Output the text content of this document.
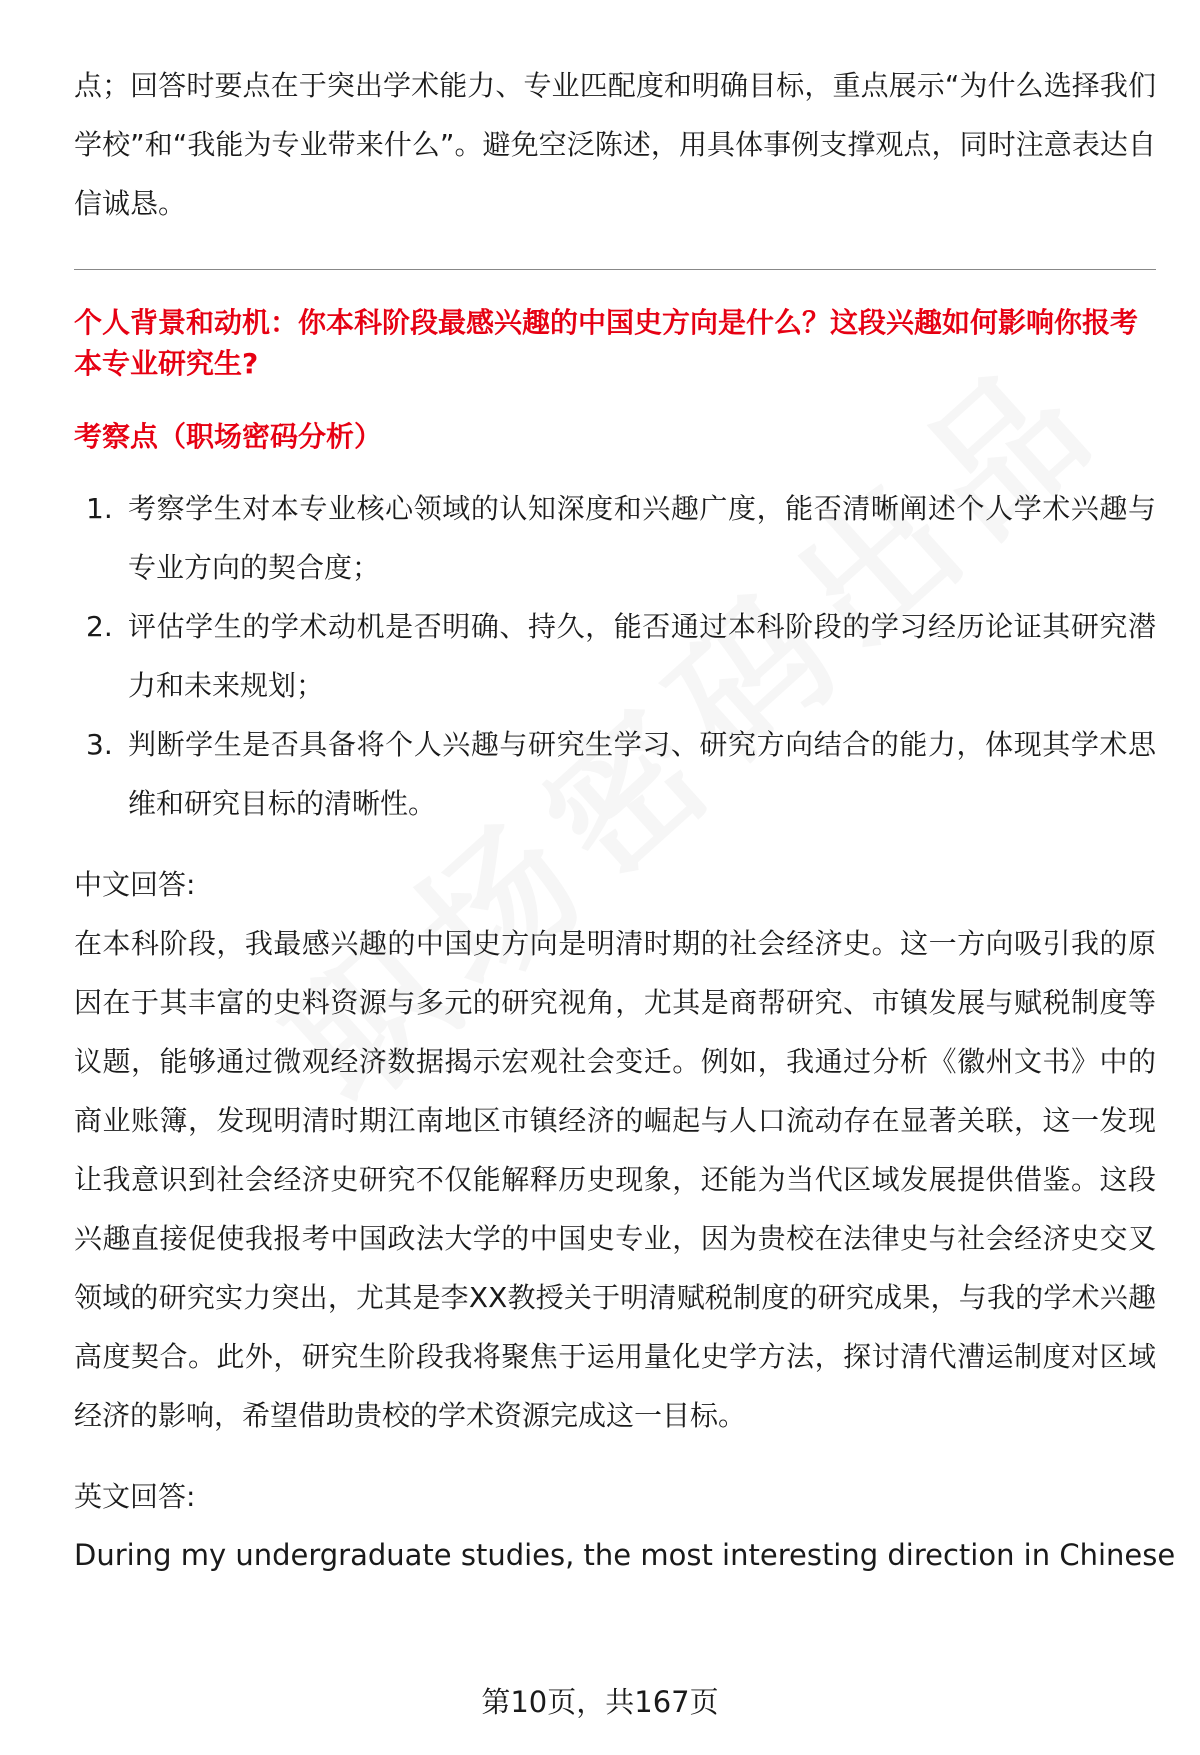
点；回答时要点在于突出学术能力、专业匹配度和明确目标，重点展示“为什么选择我们学校”和“我能为专业带来什么”。避免空泛陈述，用具体事例支撑观点，同时注意表达自信诚恳。

个人背景和动机：你本科阶段最感兴趣的中国史方向是什么？这段兴趣如何影响你报考本专业研究生?

考察点（职场密码分析）

1. 考察学生对本专业核心领域的认知深度和兴趣广度，能否清晰阐述个人学术兴趣与专业方向的契合度；
2. 评估学生的学术动机是否明确、持久，能否通过本科阶段的学习经历论证其研究潜力和未来规划；
3. 判断学生是否具备将个人兴趣与研究生学习、研究方向结合的能力，体现其学术思维和研究目标的清晰性。

中文回答:

在本科阶段，我最感兴趣的中国史方向是明清时期的社会经济史。这一方向吸引我的原因在于其丰富的史料资源与多元的研究视角，尤其是商帮研究、市镇发展与赋税制度等议题，能够通过微观经济数据揭示宏观社会变迁。例如，我通过分析《徽州文书》中的商业账簿，发现明清时期江南地区市镇经济的崛起与人口流动存在显著关联，这一发现让我意识到社会经济史研究不仅能解释历史现象，还能为当代区域发展提供借鉴。这段兴趣直接促使我报考中国政法大学的中国史专业，因为贵校在法律史与社会经济史交叉领域的研究实力突出，尤其是李XX教授关于明清赋税制度的研究成果，与我的学术兴趣高度契合。此外，研究生阶段我将聚焦于运用量化史学方法，探讨清代漕运制度对区域经济的影响，希望借助贵校的学术资源完成这一目标。

英文回答:

During my undergraduate studies, the most interesting direction in Chinese

第10页，共167页
